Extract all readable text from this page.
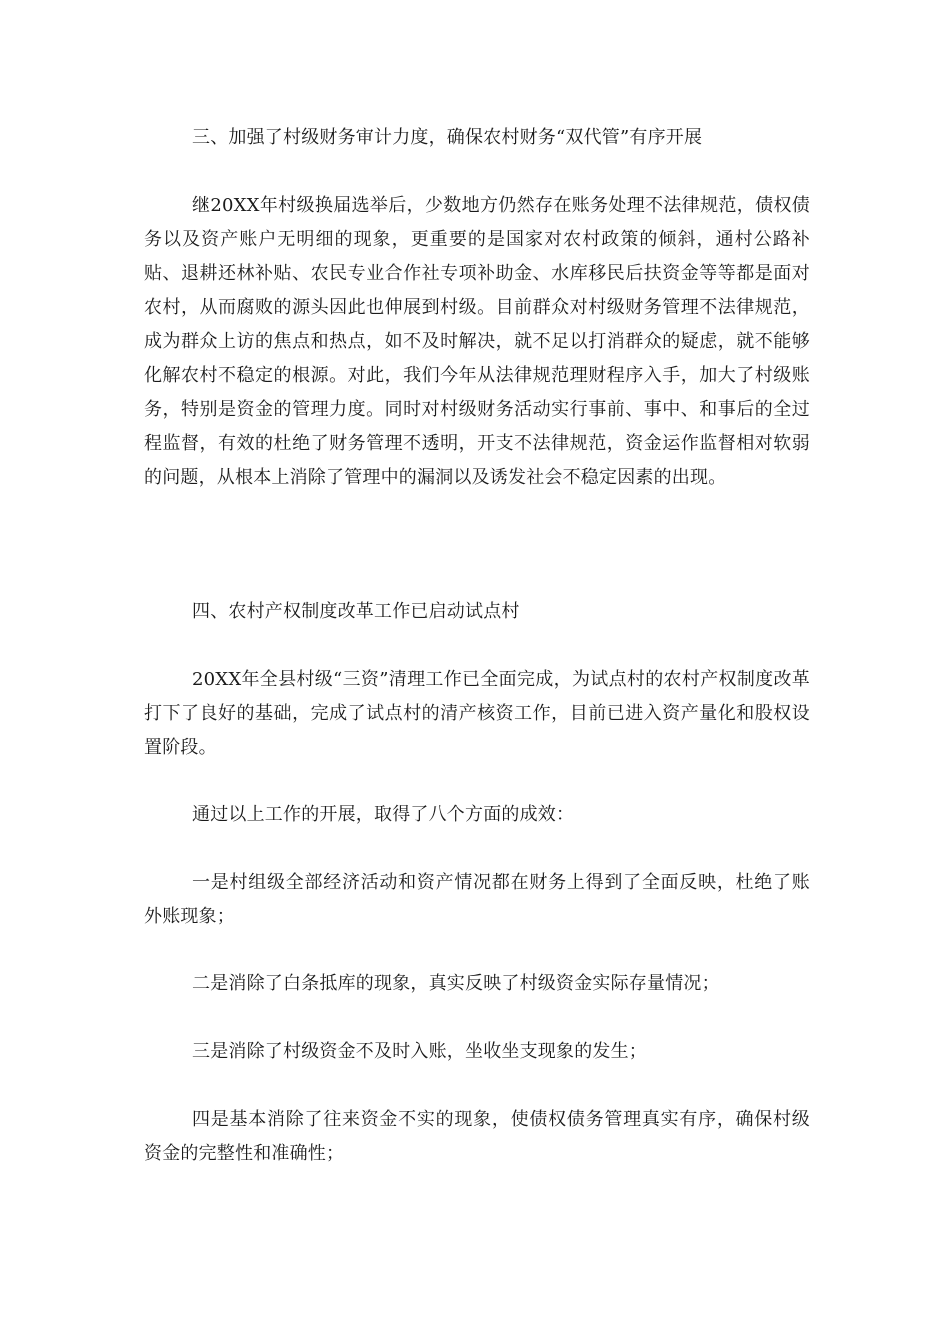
三、加强了村级财务审计力度，确保农村财务“双代管”有序开展

继20XX年村级换届选举后，少数地方仍然存在账务处理不法律规范，债权债务以及资产账户无明细的现象，更重要的是国家对农村政策的倾斜，通村公路补贴、退耕还林补贴、农民专业合作社专项补助金、水库移民后扶资金等等都是面对农村，从而腐败的源头因此也伸展到村级。目前群众对村级财务管理不法律规范，成为群众上访的焦点和热点，如不及时解决，就不足以打消群众的疑虑，就不能够化解农村不稳定的根源。对此，我们今年从法律规范理财程序入手，加大了村级账务，特别是资金的管理力度。同时对村级财务活动实行事前、事中、和事后的全过程监督，有效的杜绝了财务管理不透明，开支不法律规范，资金运作监督相对软弱的问题，从根本上消除了管理中的漏洞以及诱发社会不稳定因素的出现。

四、农村产权制度改革工作已启动试点村

20XX年全县村级“三资”清理工作已全面完成，为试点村的农村产权制度改革打下了良好的基础，完成了试点村的清产核资工作，目前已进入资产量化和股权设置阶段。

通过以上工作的开展，取得了八个方面的成效：

一是村组级全部经济活动和资产情况都在财务上得到了全面反映，杜绝了账外账现象；

二是消除了白条抵库的现象，真实反映了村级资金实际存量情况；

三是消除了村级资金不及时入账，坐收坐支现象的发生；

四是基本消除了往来资金不实的现象，使债权债务管理真实有序，确保村级资金的完整性和准确性；
